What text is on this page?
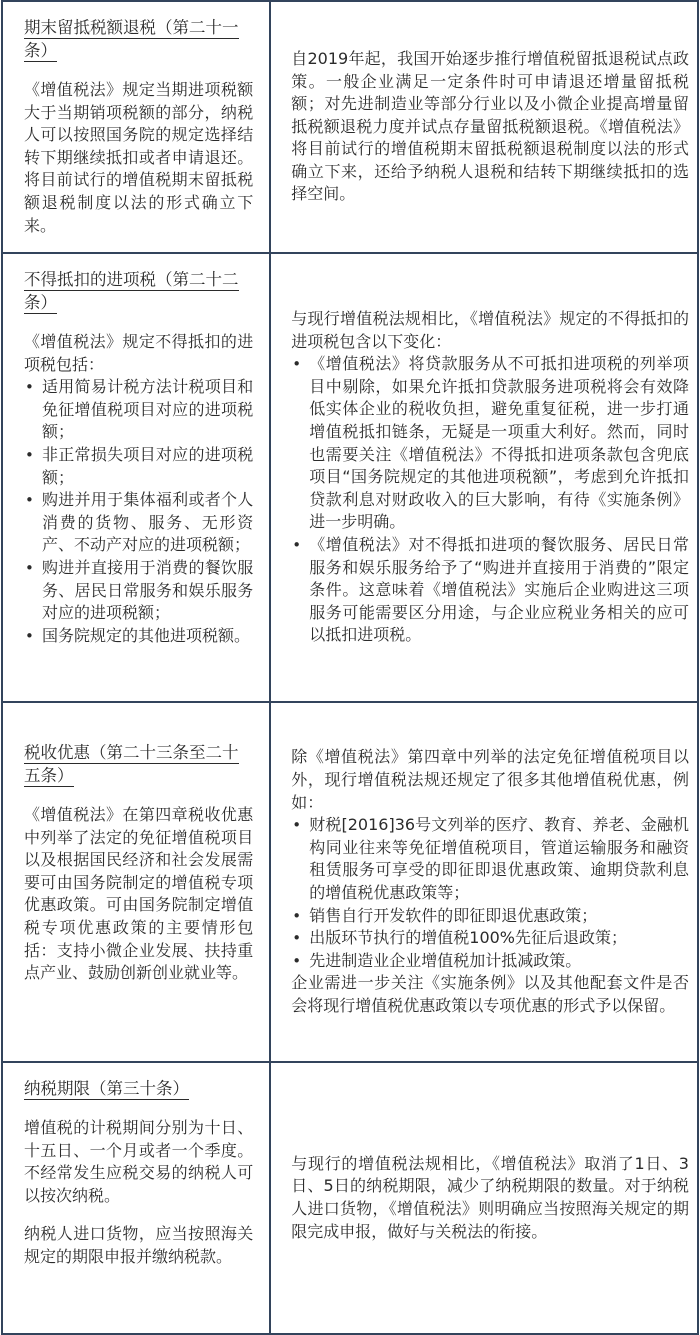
期末留抵税额退税（第二十一条）

《增值税法》规定当期进项税额大于当期销项税额的部分，纳税人可以按照国务院的规定选择结转下期继续抵扣或者申请退还。将目前试行的增值税期末留抵税额退税制度以法的形式确立下来。

自2019年起，我国开始逐步推行增值税留抵退税试点政策。一般企业满足一定条件时可申请退还增量留抵税额；对先进制造业等部分行业以及小微企业提高增量留抵税额退税力度并试点存量留抵税额退税。《增值税法》将目前试行的增值税期末留抵税额退税制度以法的形式确立下来，还给予纳税人退税和结转下期继续抵扣的选择空间。

不得抵扣的进项税（第二十二条）

《增值税法》规定不得抵扣的进项税包括：

• 适用简易计税方法计税项目和免征增值税项目对应的进项税额；
• 非正常损失项目对应的进项税额；
• 购进并用于集体福利或者个人消费的货物、服务、无形资产、不动产对应的进项税额；
• 购进并直接用于消费的餐饮服务、居民日常服务和娱乐服务对应的进项税额；
• 国务院规定的其他进项税额。

与现行增值税法规相比，《增值税法》规定的不得抵扣的进项税包含以下变化：

• 《增值税法》将贷款服务从不可抵扣进项税的列举项目中剔除，如果允许抵扣贷款服务进项税将会有效降低实体企业的税收负担，避免重复征税，进一步打通增值税抵扣链条，无疑是一项重大利好。然而，同时也需要关注《增值税法》不得抵扣进项条款包含兜底项目“国务院规定的其他进项税额”，考虑到允许抵扣贷款利息对财政收入的巨大影响，有待《实施条例》进一步明确。
• 《增值税法》对不得抵扣进项的餐饮服务、居民日常服务和娱乐服务给予了“购进并直接用于消费的”限定条件。这意味着《增值税法》实施后企业购进这三项服务可能需要区分用途，与企业应税业务相关的应可以抵扣进项税。
税收优惠（第二十三条至二十五条）

《增值税法》在第四章税收优惠中列举了法定的免征增值税项目以及根据国民经济和社会发展需要可由国务院制定的增值税专项优惠政策。可由国务院制定增值税专项优惠政策的主要情形包括：支持小微企业发展、扶持重点产业、鼓励创新创业就业等。

除《增值税法》第四章中列举的法定免征增值税项目以外，现行增值税法规还规定了很多其他增值税优惠，例如：

• 财税[2016]36号文列举的医疗、教育、养老、金融机构同业往来等免征增值税项目，管道运输服务和融资租赁服务可享受的即征即退优惠政策、逾期贷款利息的增值税优惠政策等；
• 销售自行开发软件的即征即退优惠政策；
• 出版环节执行的增值税100%先征后退政策；
• 先进制造业企业增值税加计抵减政策。

企业需进一步关注《实施条例》以及其他配套文件是否会将现行增值税优惠政策以专项优惠的形式予以保留。

纳税期限（第三十条）

增值税的计税期间分别为十日、十五日、一个月或者一个季度。不经常发生应税交易的纳税人可以按次纳税。

纳税人进口货物，应当按照海关规定的期限申报并缴纳税款。

与现行的增值税法规相比，《增值税法》取消了1日、3日、5日的纳税期限，减少了纳税期限的数量。对于纳税人进口货物，《增值税法》则明确应当按照海关规定的期限完成申报，做好与关税法的衔接。
